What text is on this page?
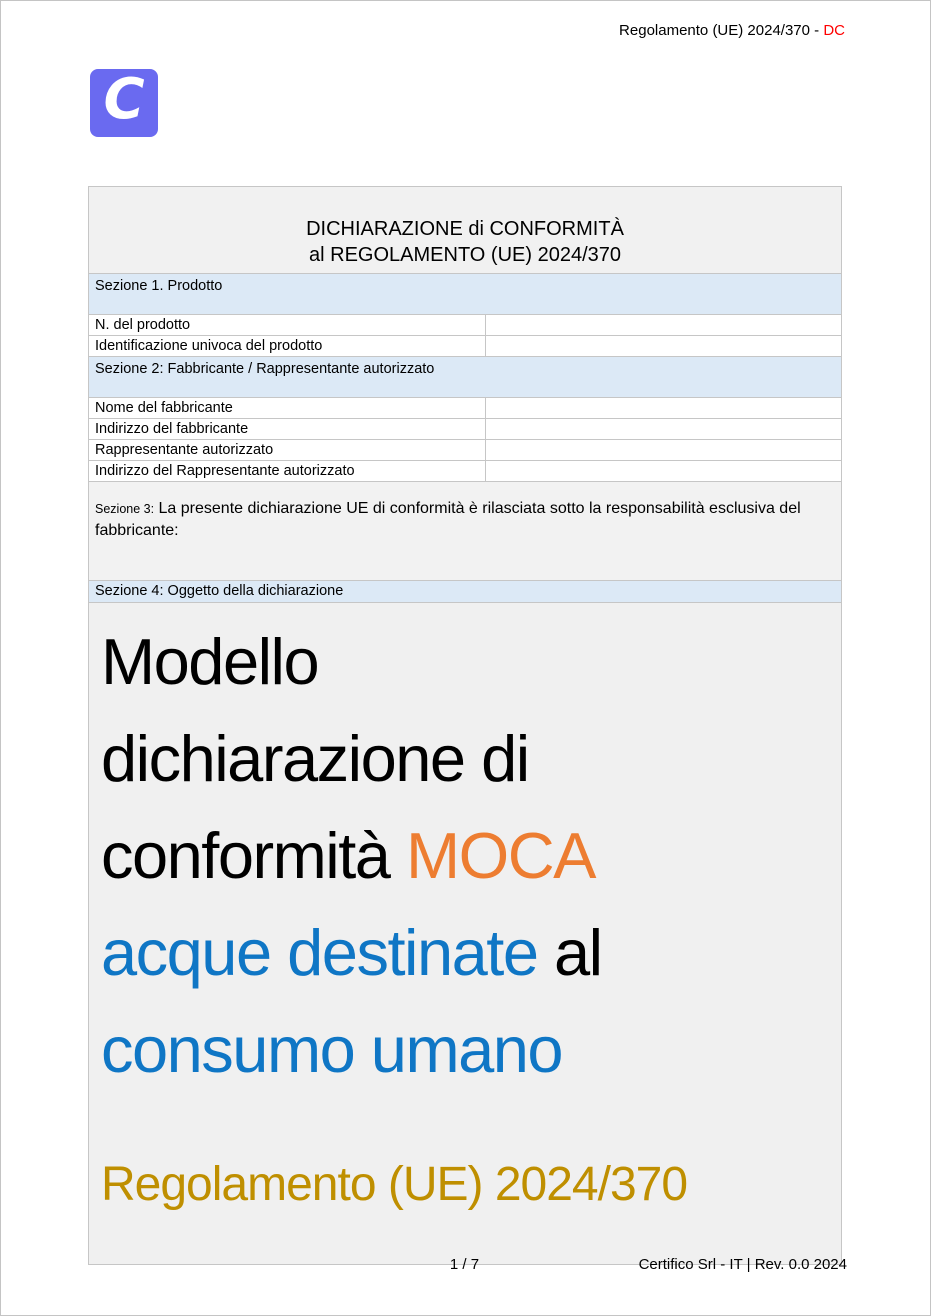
Regolamento (UE) 2024/370 - DC
C
DICHIARAZIONE di CONFORMITÀ
al REGOLAMENTO (UE) 2024/370	

Sezione 1. Prodotto	
N. del prodotto	
Identificazione univoca del prodotto	
Sezione 2: Fabbricante / Rappresentante autorizzato	
Nome del fabbricante	
Indirizzo del fabbricante	
Rappresentante autorizzato	
Indirizzo del Rappresentante autorizzato	
Sezione 3: La presente dichiarazione UE di conformità è rilasciata sotto la responsabilità esclusiva del fabbricante:	
Sezione 4: Oggetto della dichiarazione	

Modello
dichiarazione di
conformità MOCA
acque destinate al
consumo umano
Regolamento (UE) 2024/370
1 / 7	Certifico Srl - IT | Rev. 0.0 2024
